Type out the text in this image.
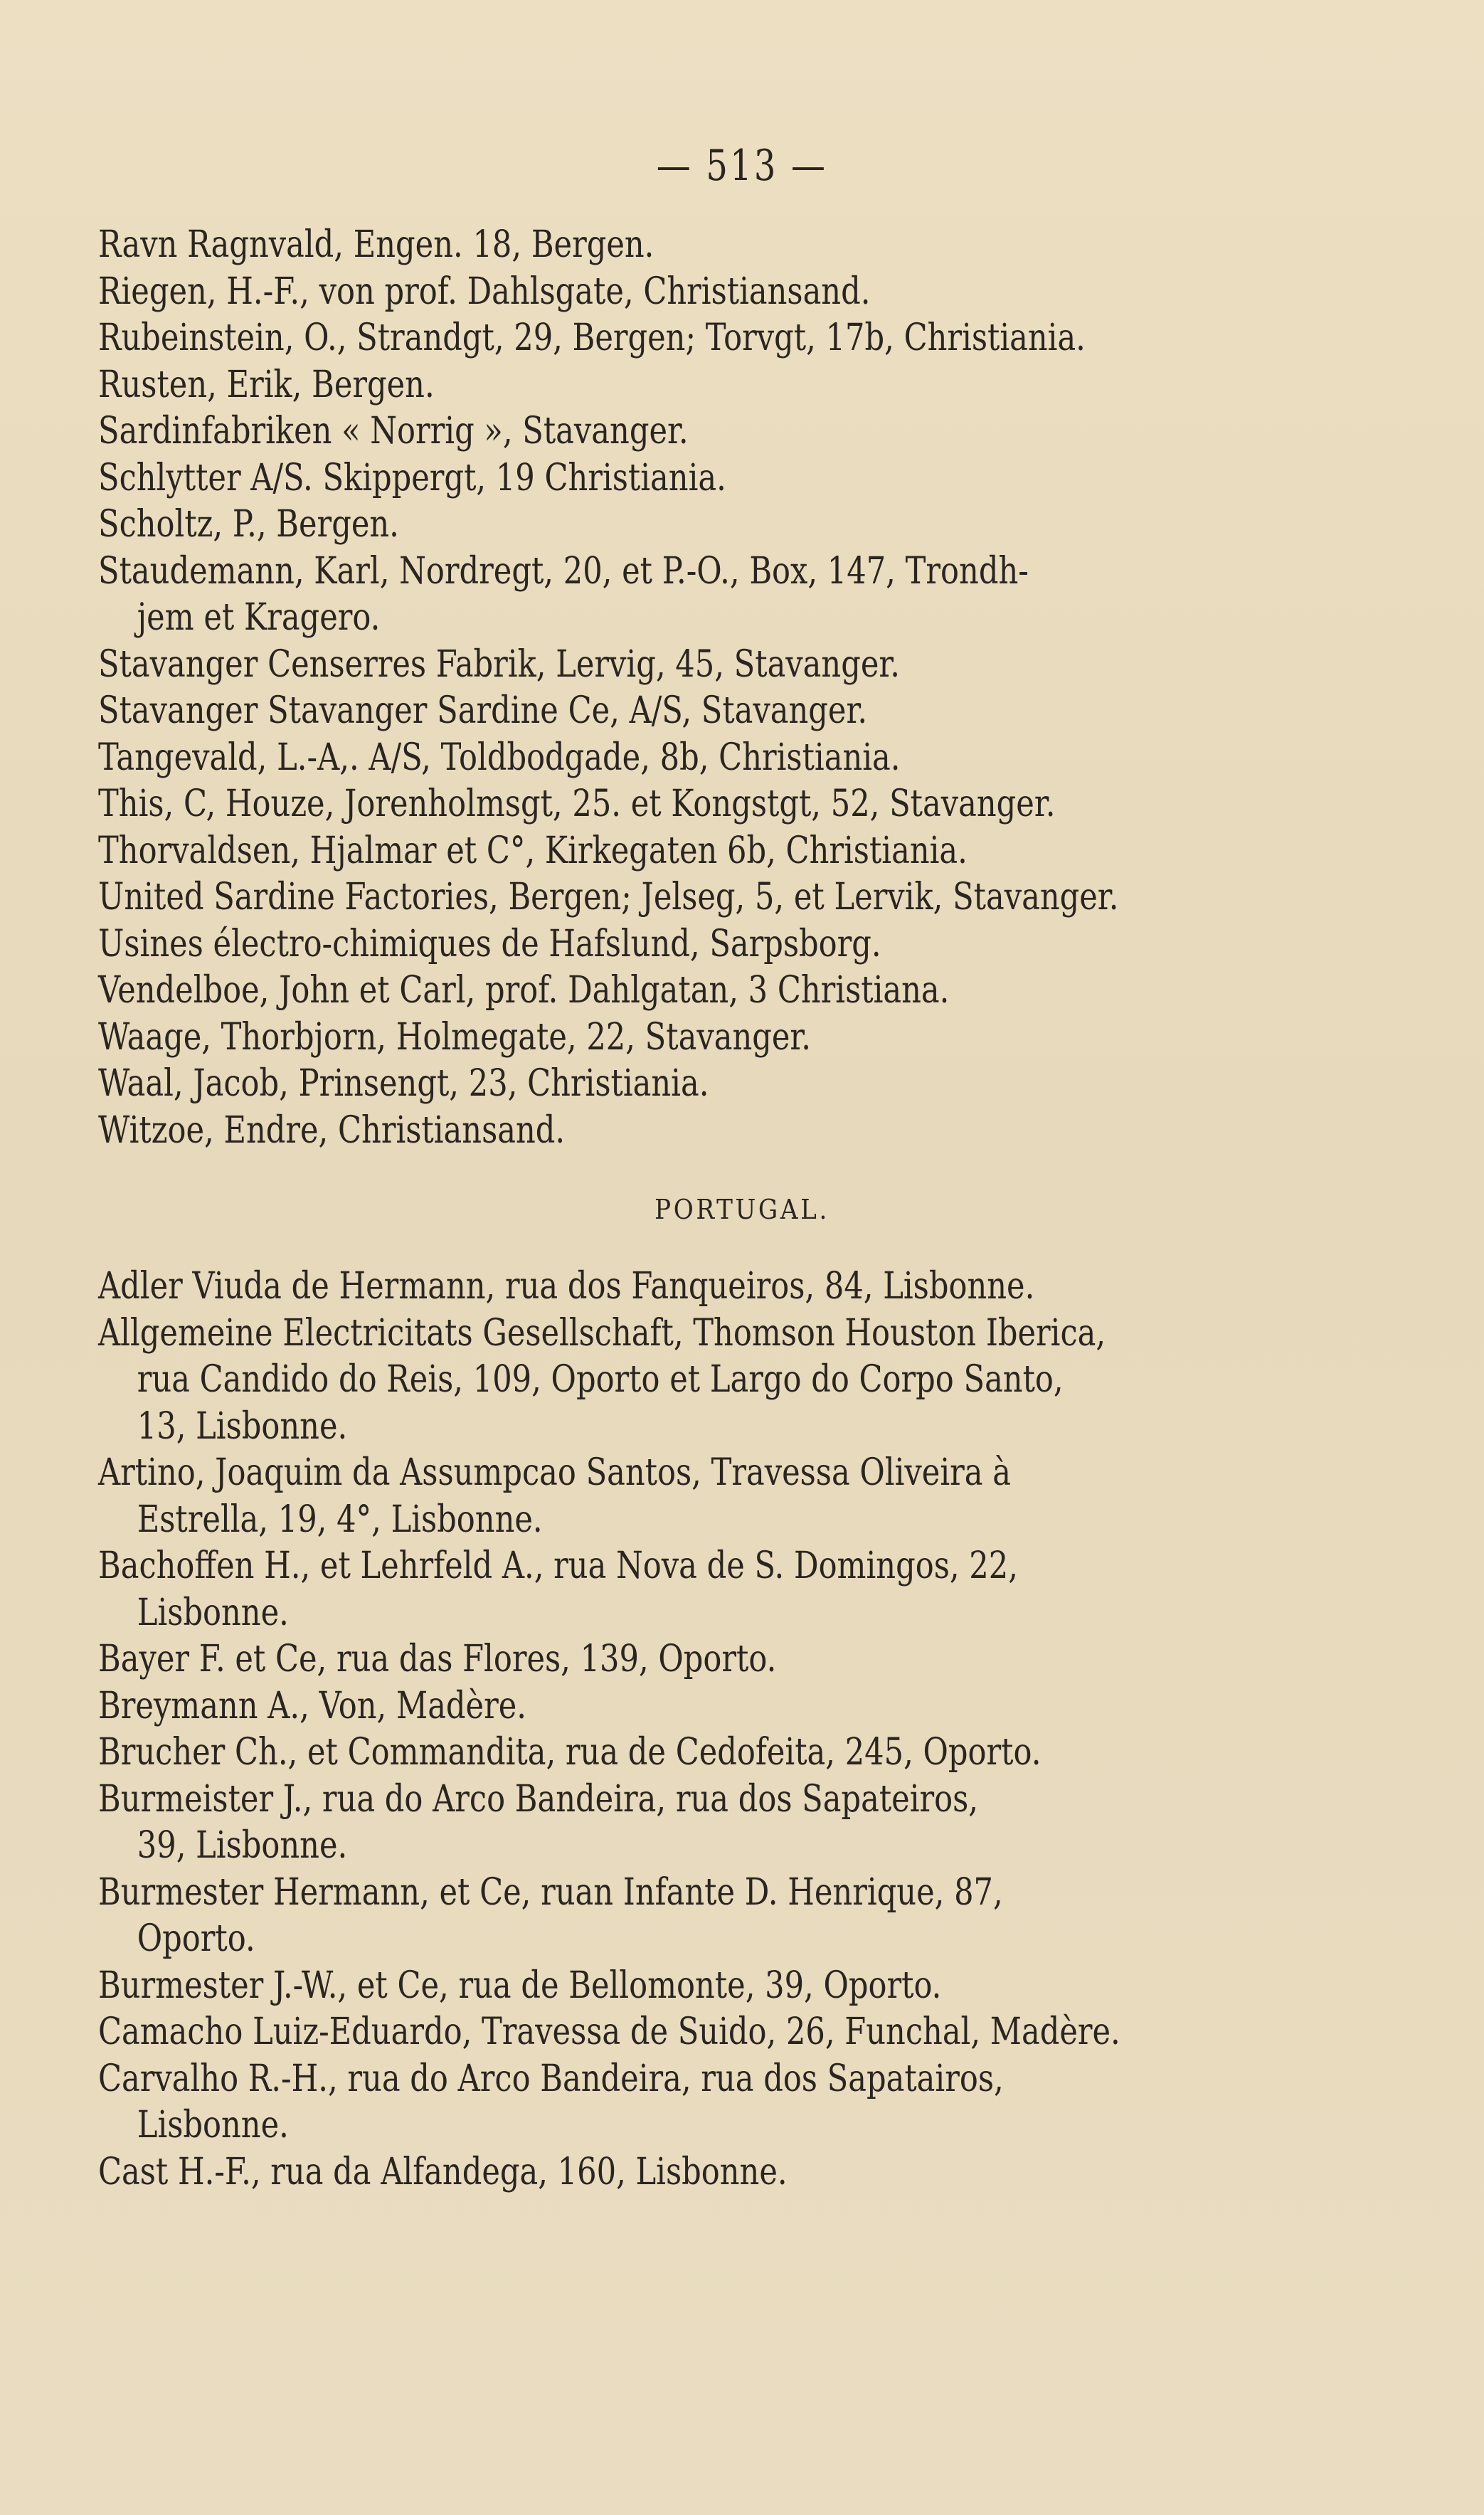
— 513 —
Ravn Ragnvald, Engen. 18, Bergen.
Riegen, H.-F., von prof. Dahlsgate, Christiansand.
Rubeinstein, O., Strandgt, 29, Bergen; Torvgt, 17b, Christiania.
Rusten, Erik, Bergen.
Sardinfabriken « Norrig », Stavanger.
Schlytter A/S. Skippergt, 19 Christiania.
Scholtz, P., Bergen.
Staudemann, Karl, Nordregt, 20, et P.-O., Box, 147, Trondh-
jem et Kragero.
Stavanger Censerres Fabrik, Lervig, 45, Stavanger.
Stavanger Stavanger Sardine Ce, A/S, Stavanger.
Tangevald, L.-A,. A/S, Toldbodgade, 8b, Christiania.
This, C, Houze, Jorenholmsgt, 25. et Kongstgt, 52, Stavanger.
Thorvaldsen, Hjalmar et C°, Kirkegaten 6b, Christiania.
United Sardine Factories, Bergen; Jelseg, 5, et Lervik, Stavanger.
Usines électro-chimiques de Hafslund, Sarpsborg.
Vendelboe, John et Carl, prof. Dahlgatan, 3 Christiana.
Waage, Thorbjorn, Holmegate, 22, Stavanger.
Waal, Jacob, Prinsengt, 23, Christiania.
Witzoe, Endre, Christiansand.
PORTUGAL.
Adler Viuda de Hermann, rua dos Fanqueiros, 84, Lisbonne.
Allgemeine Electricitats Gesellschaft, Thomson Houston Iberica,
rua Candido do Reis, 109, Oporto et Largo do Corpo Santo,
13, Lisbonne.
Artino, Joaquim da Assumpcao Santos, Travessa Oliveira à
Estrella, 19, 4°, Lisbonne.
Bachoffen H., et Lehrfeld A., rua Nova de S. Domingos, 22,
Lisbonne.
Bayer F. et Ce, rua das Flores, 139, Oporto.
Breymann A., Von, Madère.
Brucher Ch., et Commandita, rua de Cedofeita, 245, Oporto.
Burmeister J., rua do Arco Bandeira, rua dos Sapateiros,
39, Lisbonne.
Burmester Hermann, et Ce, ruan Infante D. Henrique, 87,
Oporto.
Burmester J.-W., et Ce, rua de Bellomonte, 39, Oporto.
Camacho Luiz-Eduardo, Travessa de Suido, 26, Funchal, Madère.
Carvalho R.-H., rua do Arco Bandeira, rua dos Sapatairos,
Lisbonne.
Cast H.-F., rua da Alfandega, 160, Lisbonne.
